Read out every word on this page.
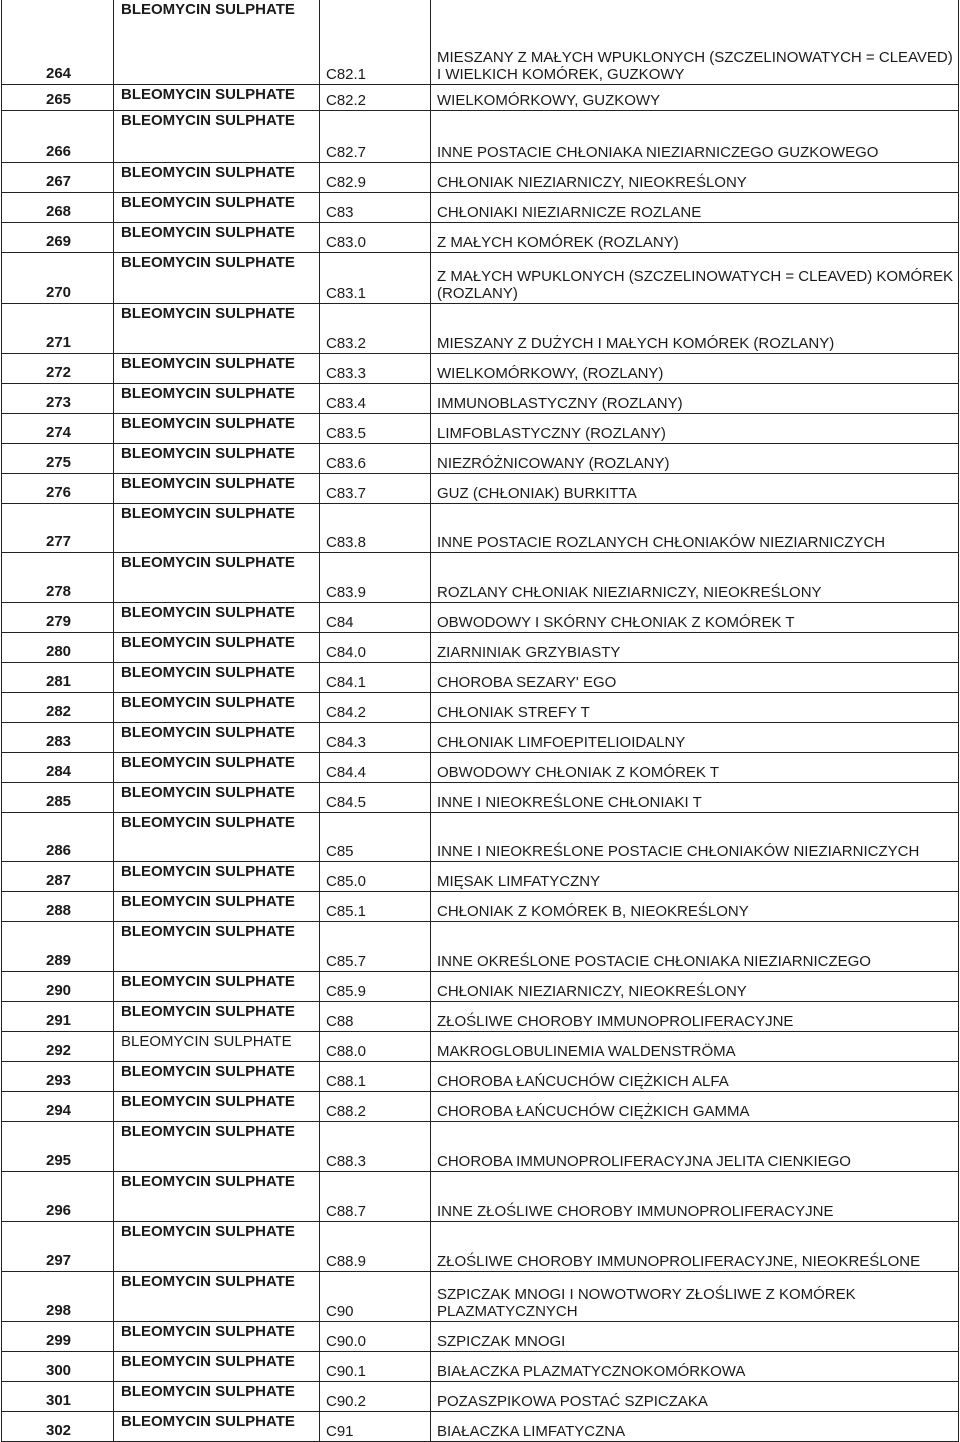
264	BLEOMYCIN SULPHATE	C82.1	MIESZANY Z MAŁYCH WPUKLONYCH (SZCZELINOWATYCH = CLEAVED) I WIELKICH KOMÓREK, GUZKOWY
265	BLEOMYCIN SULPHATE	C82.2	WIELKOMÓRKOWY, GUZKOWY
266	BLEOMYCIN SULPHATE	C82.7	INNE POSTACIE CHŁONIAKA NIEZIARNICZEGO GUZKOWEGO
267	BLEOMYCIN SULPHATE	C82.9	CHŁONIAK NIEZIARNICZY, NIEOKREŚLONY
268	BLEOMYCIN SULPHATE	C83	CHŁONIAKI NIEZIARNICZE ROZLANE
269	BLEOMYCIN SULPHATE	C83.0	Z MAŁYCH KOMÓREK (ROZLANY)
270	BLEOMYCIN SULPHATE	C83.1	Z MAŁYCH WPUKLONYCH (SZCZELINOWATYCH = CLEAVED) KOMÓREK (ROZLANY)
271	BLEOMYCIN SULPHATE	C83.2	MIESZANY Z DUŻYCH I MAŁYCH KOMÓREK (ROZLANY)
272	BLEOMYCIN SULPHATE	C83.3	WIELKOMÓRKOWY, (ROZLANY)
273	BLEOMYCIN SULPHATE	C83.4	IMMUNOBLASTYCZNY (ROZLANY)
274	BLEOMYCIN SULPHATE	C83.5	LIMFOBLASTYCZNY (ROZLANY)
275	BLEOMYCIN SULPHATE	C83.6	NIEZRÓŻNICOWANY (ROZLANY)
276	BLEOMYCIN SULPHATE	C83.7	GUZ (CHŁONIAK) BURKITTA
277	BLEOMYCIN SULPHATE	C83.8	INNE POSTACIE ROZLANYCH CHŁONIAKÓW NIEZIARNICZYCH
278	BLEOMYCIN SULPHATE	C83.9	ROZLANY CHŁONIAK NIEZIARNICZY, NIEOKREŚLONY
279	BLEOMYCIN SULPHATE	C84	OBWODOWY I SKÓRNY CHŁONIAK Z KOMÓREK T
280	BLEOMYCIN SULPHATE	C84.0	ZIARNINIAK GRZYBIASTY
281	BLEOMYCIN SULPHATE	C84.1	CHOROBA SEZARY' EGO
282	BLEOMYCIN SULPHATE	C84.2	CHŁONIAK STREFY T
283	BLEOMYCIN SULPHATE	C84.3	CHŁONIAK LIMFOEPITELIOIDALNY
284	BLEOMYCIN SULPHATE	C84.4	OBWODOWY CHŁONIAK Z KOMÓREK T
285	BLEOMYCIN SULPHATE	C84.5	INNE I NIEOKREŚLONE CHŁONIAKI T
286	BLEOMYCIN SULPHATE	C85	INNE I NIEOKREŚLONE POSTACIE CHŁONIAKÓW NIEZIARNICZYCH
287	BLEOMYCIN SULPHATE	C85.0	MIĘSAK LIMFATYCZNY
288	BLEOMYCIN SULPHATE	C85.1	CHŁONIAK Z KOMÓREK B, NIEOKREŚLONY
289	BLEOMYCIN SULPHATE	C85.7	INNE OKREŚLONE POSTACIE CHŁONIAKA NIEZIARNICZEGO
290	BLEOMYCIN SULPHATE	C85.9	CHŁONIAK NIEZIARNICZY, NIEOKREŚLONY
291	BLEOMYCIN SULPHATE	C88	ZŁOŚLIWE CHOROBY IMMUNOPROLIFERACYJNE
292	BLEOMYCIN SULPHATE	C88.0	MAKROGLOBULINEMIA WALDENSTRÖMA
293	BLEOMYCIN SULPHATE	C88.1	CHOROBA ŁAŃCUCHÓW CIĘŻKICH ALFA
294	BLEOMYCIN SULPHATE	C88.2	CHOROBA ŁAŃCUCHÓW CIĘŻKICH GAMMA
295	BLEOMYCIN SULPHATE	C88.3	CHOROBA IMMUNOPROLIFERACYJNA JELITA CIENKIEGO
296	BLEOMYCIN SULPHATE	C88.7	INNE ZŁOŚLIWE CHOROBY IMMUNOPROLIFERACYJNE
297	BLEOMYCIN SULPHATE	C88.9	ZŁOŚLIWE CHOROBY IMMUNOPROLIFERACYJNE, NIEOKREŚLONE
298	BLEOMYCIN SULPHATE	C90	SZPICZAK MNOGI I NOWOTWORY ZŁOŚLIWE Z KOMÓREK PLAZMATYCZNYCH
299	BLEOMYCIN SULPHATE	C90.0	SZPICZAK MNOGI
300	BLEOMYCIN SULPHATE	C90.1	BIAŁACZKA PLAZMATYCZNOKOMÓRKOWA
301	BLEOMYCIN SULPHATE	C90.2	POZASZPIKOWA POSTAĆ SZPICZAKA
302	BLEOMYCIN SULPHATE	C91	BIAŁACZKA LIMFATYCZNA
